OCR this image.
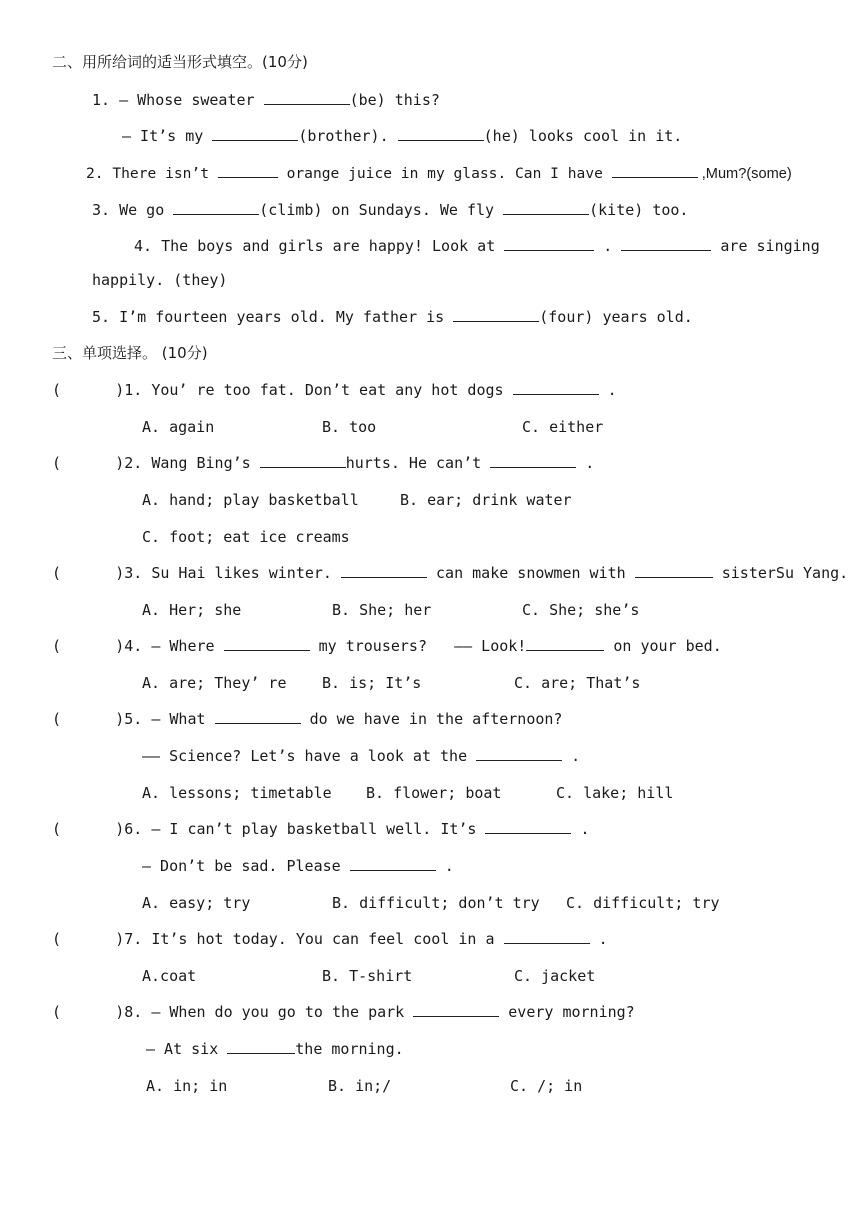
二、用所给词的适当形式填空。(10分)
1. — Whose sweater	(be) this?
— It’s my	(brother).	(he) looks cool in it.
2. There isn’t	orange juice in my glass. Can I have	,Mum?(some)
3. We go	(climb) on Sundays. We fly	(kite) too.
4. The boys and girls are happy! Look at	.	are singing
happily. (they)
5. I’m fourteen years old. My father is	(four) years old.
三、单项选择。 (10分)
(      )1. You’ re too fat. Don’t eat any hot dogs	.
A. again	B. too	C. either
(      )2. Wang Bing’s	hurts. He can’t	.
A. hand; play basketball	B. ear; drink water
C. foot; eat ice creams
(      )3. Su Hai likes winter.	can make snowmen with	sisterSu Yang.
A. Her; she	B. She; her	C. She; she’s
(      )4. — Where	my trousers?   —— Look!	on your bed.
A. are; They’ re B. is; It’s	C. are; That’s
(      )5. — What	do we have in the afternoon?
—— Science? Let’s have a look at the	.
A. lessons; timetable B. flower; boat	C. lake; hill
(      )6. — I can’t play basketball well. It’s	.
— Don’t be sad. Please	.
A. easy; try	B. difficult; don’t try C. difficult; try
(      )7. It’s hot today. You can feel cool in a	.
A.coat	B. T-shirt	C. jacket
(      )8. — When do you go to the park	every morning?
— At six	the morning.
A. in; in	B. in;/	C. /; in
